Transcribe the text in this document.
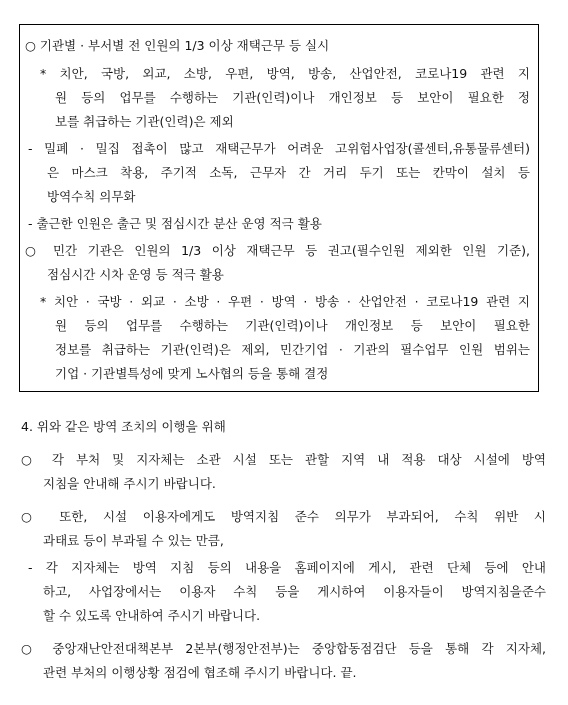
○ 기관별 · 부서별 전 인원의 1/3 이상 재택근무 등 실시
* 치안, 국방, 외교, 소방, 우편, 방역, 방송, 산업안전, 코로나19 관련 지
원 등의 업무를 수행하는 기관(인력)이나 개인정보 등 보안이 필요한 정
보를 취급하는 기관(인력)은 제외
- 밀폐 · 밀집 접촉이 많고 재택근무가 어려운 고위험사업장(콜센터,유통물류센터)
은 마스크 착용, 주기적 소독, 근무자 간 거리 두기 또는 칸막이 설치 등
방역수칙 의무화
- 출근한 인원은 출근 및 점심시간 분산 운영 적극 활용
○ 민간 기관은 인원의 1/3 이상 재택근무 등 권고(필수인원 제외한 인원 기준),
점심시간 시차 운영 등 적극 활용
* 치안 · 국방 · 외교 · 소방 · 우편 · 방역 · 방송 · 산업안전 · 코로나19 관련 지
원 등의 업무를 수행하는 기관(인력)이나 개인정보 등 보안이 필요한
정보를 취급하는 기관(인력)은 제외, 민간기업 · 기관의 필수업무 인원 범위는
기업 · 기관별특성에 맞게 노사협의 등을 통해 결정
4. 위와 같은 방역 조치의 이행을 위해
○ 각 부처 및 지자체는 소관 시설 또는 관할 지역 내 적용 대상 시설에 방역
지침을 안내해 주시기 바랍니다.
○ 또한, 시설 이용자에게도 방역지침 준수 의무가 부과되어, 수칙 위반 시
과태료 등이 부과될 수 있는 만큼,
- 각 지자체는 방역 지침 등의 내용을 홈페이지에 게시, 관련 단체 등에 안내
하고, 사업장에서는 이용자 수칙 등을 게시하여 이용자들이 방역지침을준수
할 수 있도록 안내하여 주시기 바랍니다.
○ 중앙재난안전대책본부 2본부(행정안전부)는 중앙합동점검단 등을 통해 각 지자체,
관련 부처의 이행상황 점검에 협조해 주시기 바랍니다. 끝.
